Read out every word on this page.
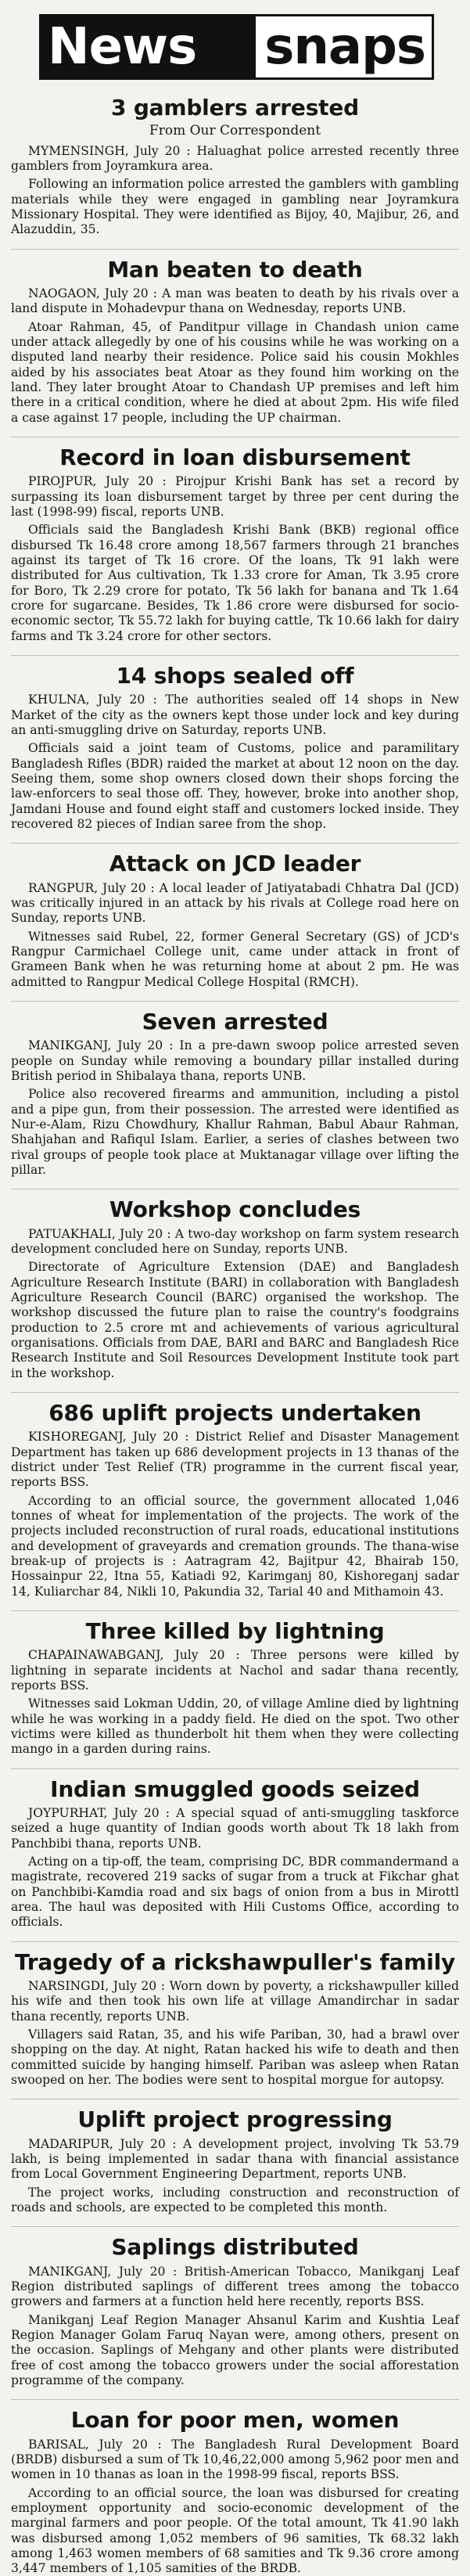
News snaps
3 gamblers arrested
From Our Correspondent

MYMENSINGH, July 20 : Haluaghat police arrested recently three gamblers from Joyramkura area.

Following an information police arrested the gamblers with gambling materials while they were engaged in gambling near Joyramkura Missionary Hospital. They were identified as Bijoy, 40, Majibur, 26, and Alazuddin, 35.

Man beaten to death

NAOGAON, July 20 : A man was beaten to death by his rivals over a land dispute in Mohadevpur thana on Wednesday, reports UNB.

Atoar Rahman, 45, of Panditpur village in Chandash union came under attack allegedly by one of his cousins while he was working on a disputed land nearby their residence. Police said his cousin Mokhles aided by his associates beat Atoar as they found him working on the land. They later brought Atoar to Chandash UP premises and left him there in a critical condition, where he died at about 2pm. His wife filed a case against 17 people, including the UP chairman.

Record in loan disbursement

PIROJPUR, July 20 : Pirojpur Krishi Bank has set a record by surpassing its loan disbursement target by three per cent during the last (1998-99) fiscal, reports UNB.

Officials said the Bangladesh Krishi Bank (BKB) regional office disbursed Tk 16.48 crore among 18,567 farmers through 21 branches against its target of Tk 16 crore. Of the loans, Tk 91 lakh were distributed for Aus cultivation, Tk 1.33 crore for Aman, Tk 3.95 crore for Boro, Tk 2.29 crore for potato, Tk 56 lakh for banana and Tk 1.64 crore for sugarcane. Besides, Tk 1.86 crore were disbursed for socio-economic sector, Tk 55.72 lakh for buying cattle, Tk 10.66 lakh for dairy farms and Tk 3.24 crore for other sectors.

14 shops sealed off

KHULNA, July 20 : The authorities sealed off 14 shops in New Market of the city as the owners kept those under lock and key during an anti-smuggling drive on Saturday, reports UNB.

Officials said a joint team of Customs, police and paramilitary Bangladesh Rifles (BDR) raided the market at about 12 noon on the day. Seeing them, some shop owners closed down their shops forcing the law-enforcers to seal those off. They, however, broke into another shop, Jamdani House and found eight staff and customers locked inside. They recovered 82 pieces of Indian saree from the shop.

Attack on JCD leader

RANGPUR, July 20 : A local leader of Jatiyatabadi Chhatra Dal (JCD) was critically injured in an attack by his rivals at College road here on Sunday, reports UNB.

Witnesses said Rubel, 22, former General Secretary (GS) of JCD's Rangpur Carmichael College unit, came under attack in front of Grameen Bank when he was returning home at about 2 pm. He was admitted to Rangpur Medical College Hospital (RMCH).

Seven arrested

MANIKGANJ, July 20 : In a pre-dawn swoop police arrested seven people on Sunday while removing a boundary pillar installed during British period in Shibalaya thana, reports UNB.

Police also recovered firearms and ammunition, including a pistol and a pipe gun, from their possession. The arrested were identified as Nur-e-Alam, Rizu Chowdhury, Khallur Rahman, Babul Abaur Rahman, Shahjahan and Rafiqul Islam. Earlier, a series of clashes between two rival groups of people took place at Muktanagar village over lifting the pillar.

Workshop concludes

PATUAKHALI, July 20 : A two-day workshop on farm system research development concluded here on Sunday, reports UNB.

Directorate of Agriculture Extension (DAE) and Bangladesh Agriculture Research Institute (BARI) in collaboration with Bangladesh Agriculture Research Council (BARC) organised the workshop. The workshop discussed the future plan to raise the country's foodgrains production to 2.5 crore mt and achievements of various agricultural organisations. Officials from DAE, BARI and BARC and Bangladesh Rice Research Institute and Soil Resources Development Institute took part in the workshop.

686 uplift projects undertaken

KISHOREGANJ, July 20 : District Relief and Disaster Management Department has taken up 686 development projects in 13 thanas of the district under Test Relief (TR) programme in the current fiscal year, reports BSS.

According to an official source, the government allocated 1,046 tonnes of wheat for implementation of the projects. The work of the projects included reconstruction of rural roads, educational institutions and development of graveyards and cremation grounds. The thana-wise break-up of projects is : Aatragram 42, Bajitpur 42, Bhairab 150, Hossainpur 22, Itna 55, Katiadi 92, Karimganj 80, Kishoreganj sadar 14, Kuliarchar 84, Nikli 10, Pakundia 32, Tarial 40 and Mithamoin 43.

Three killed by lightning

CHAPAINAWABGANJ, July 20 : Three persons were killed by lightning in separate incidents at Nachol and sadar thana recently, reports BSS.

Witnesses said Lokman Uddin, 20, of village Amline died by lightning while he was working in a paddy field. He died on the spot. Two other victims were killed as thunderbolt hit them when they were collecting mango in a garden during rains.

Indian smuggled goods seized

JOYPURHAT, July 20 : A special squad of anti-smuggling taskforce seized a huge quantity of Indian goods worth about Tk 18 lakh from Panchbibi thana, reports UNB.

Acting on a tip-off, the team, comprising DC, BDR commandermand a magistrate, recovered 219 sacks of sugar from a truck at Fikchar ghat on Panchbibi-Kamdia road and six bags of onion from a bus in Mirottl area. The haul was deposited with Hili Customs Office, according to officials.

Tragedy of a rickshawpuller's family

NARSINGDI, July 20 : Worn down by poverty, a rickshawpuller killed his wife and then took his own life at village Amandirchar in sadar thana recently, reports UNB.

Villagers said Ratan, 35, and his wife Pariban, 30, had a brawl over shopping on the day. At night, Ratan hacked his wife to death and then committed suicide by hanging himself. Pariban was asleep when Ratan swooped on her. The bodies were sent to hospital morgue for autopsy.

Uplift project progressing

MADARIPUR, July 20 : A development project, involving Tk 53.79 lakh, is being implemented in sadar thana with financial assistance from Local Government Engineering Department, reports UNB.

The project works, including construction and reconstruction of roads and schools, are expected to be completed this month.

Saplings distributed

MANIKGANJ, July 20 : British-American Tobacco, Manikganj Leaf Region distributed saplings of different trees among the tobacco growers and farmers at a function held here recently, reports BSS.

Manikganj Leaf Region Manager Ahsanul Karim and Kushtia Leaf Region Manager Golam Faruq Nayan were, among others, present on the occasion. Saplings of Mehgany and other plants were distributed free of cost among the tobacco growers under the social afforestation programme of the company.

Loan for poor men, women

BARISAL, July 20 : The Bangladesh Rural Development Board (BRDB) disbursed a sum of Tk 10,46,22,000 among 5,962 poor men and women in 10 thanas as loan in the 1998-99 fiscal, reports BSS.

According to an official source, the loan was disbursed for creating employment opportunity and socio-economic development of the marginal farmers and poor people. Of the total amount, Tk 41.90 lakh was disbursed among 1,052 members of 96 samities, Tk 68.32 lakh among 1,463 women members of 68 samities and Tk 9.36 crore among 3,447 members of 1,105 samities of the BRDB.
